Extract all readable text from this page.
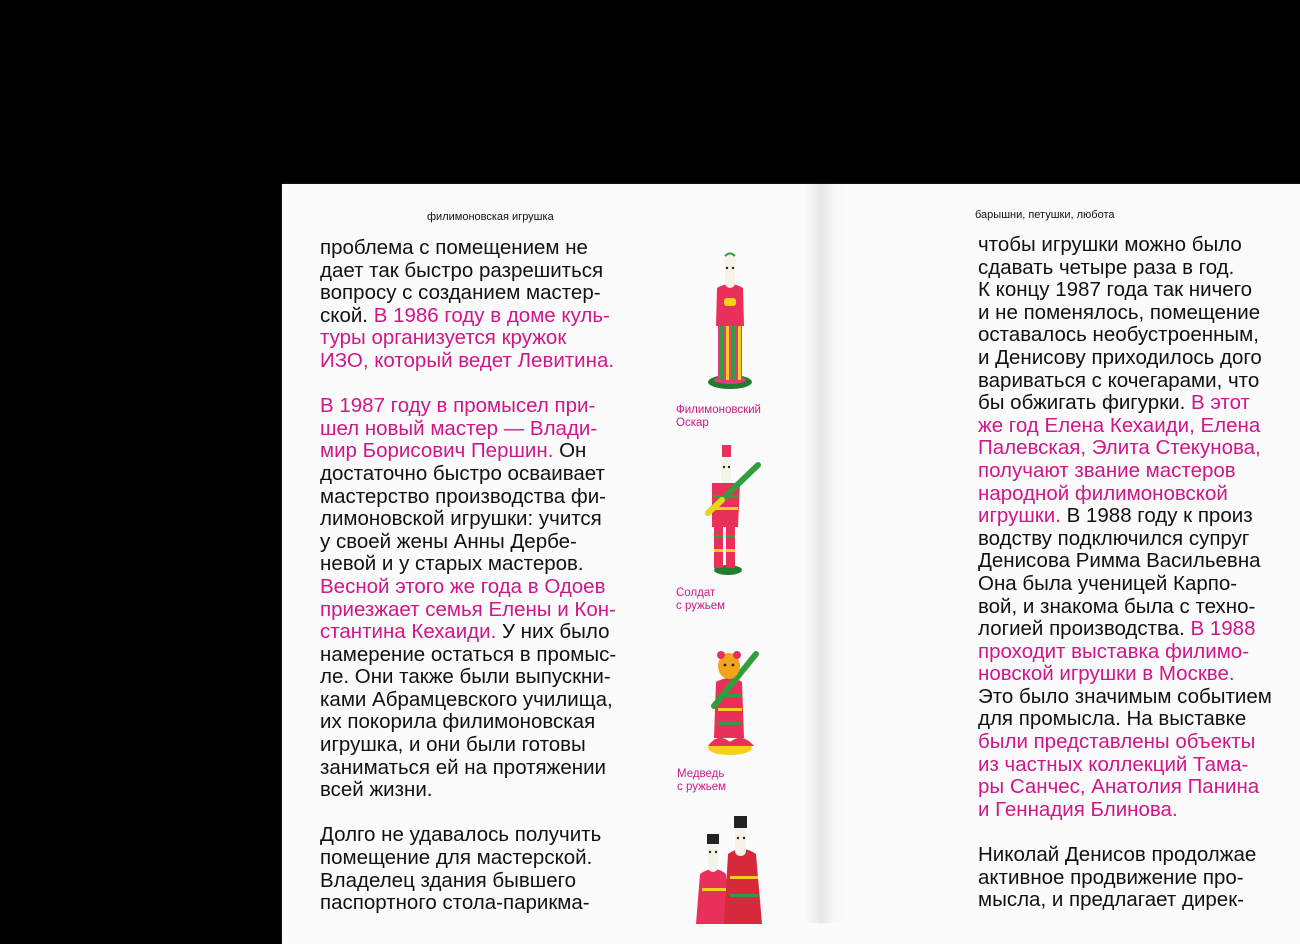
филимоновская игрушка	барышни, петушки, любота
проблема с помещением не
дает так быстро разрешиться
вопросу с созданием мастер-
ской. В 1986 году в доме куль-
туры организуется кружок
ИЗО, который ведет Левитина.

В 1987 году в промысел при-
шел новый мастер — Влади-
мир Борисович Першин. Он
достаточно быстро осваивает
мастерство производства фи-
лимоновской игрушки: учится
у своей жены Анны Дербе-
невой и у старых мастеров.
Весной этого же года в Одоев
приезжает семья Елены и Кон-
стантина Кехаиди. У них было
намерение остаться в промыс-
ле. Они также были выпускни-
ками Абрамцевского училища,
их покорила филимоновская
игрушка, и они были готовы
заниматься ей на протяжении
всей жизни.

Долго не удавалось получить
помещение для мастерской.
Владелец здания бывшего
паспортного стола-парикма-
чтобы игрушки можно было
сдавать четыре раза в год.
К концу 1987 года так ничего
и не поменялось, помещение
оставалось необустроенным,
и Денисову приходилось дого
вариваться с кочегарами, что
бы обжигать фигурки. В этот
же год Елена Кехаиди, Елена
Палевская, Элита Стекунова,
получают звание мастеров
народной филимоновской
игрушки. В 1988 году к произ
водству подключился супруг
Денисова Римма Васильевна
Она была ученицей Карпо-
вой, и знакома была с техно-
логией производства. В 1988
проходит выставка филимо-
новской игрушки в Москве.
Это было значимым событием
для промысла. На выставке
были представлены объекты
из частных коллекций Тама-
ры Санчес, Анатолия Панина
и Геннадия Блинова.

Николай Денисов продолжае
активное продвижение про-
мысла, и предлагает дирек-
Филимоновский
Оскар
Солдат
с ружьем
Медведь
с ружьем
